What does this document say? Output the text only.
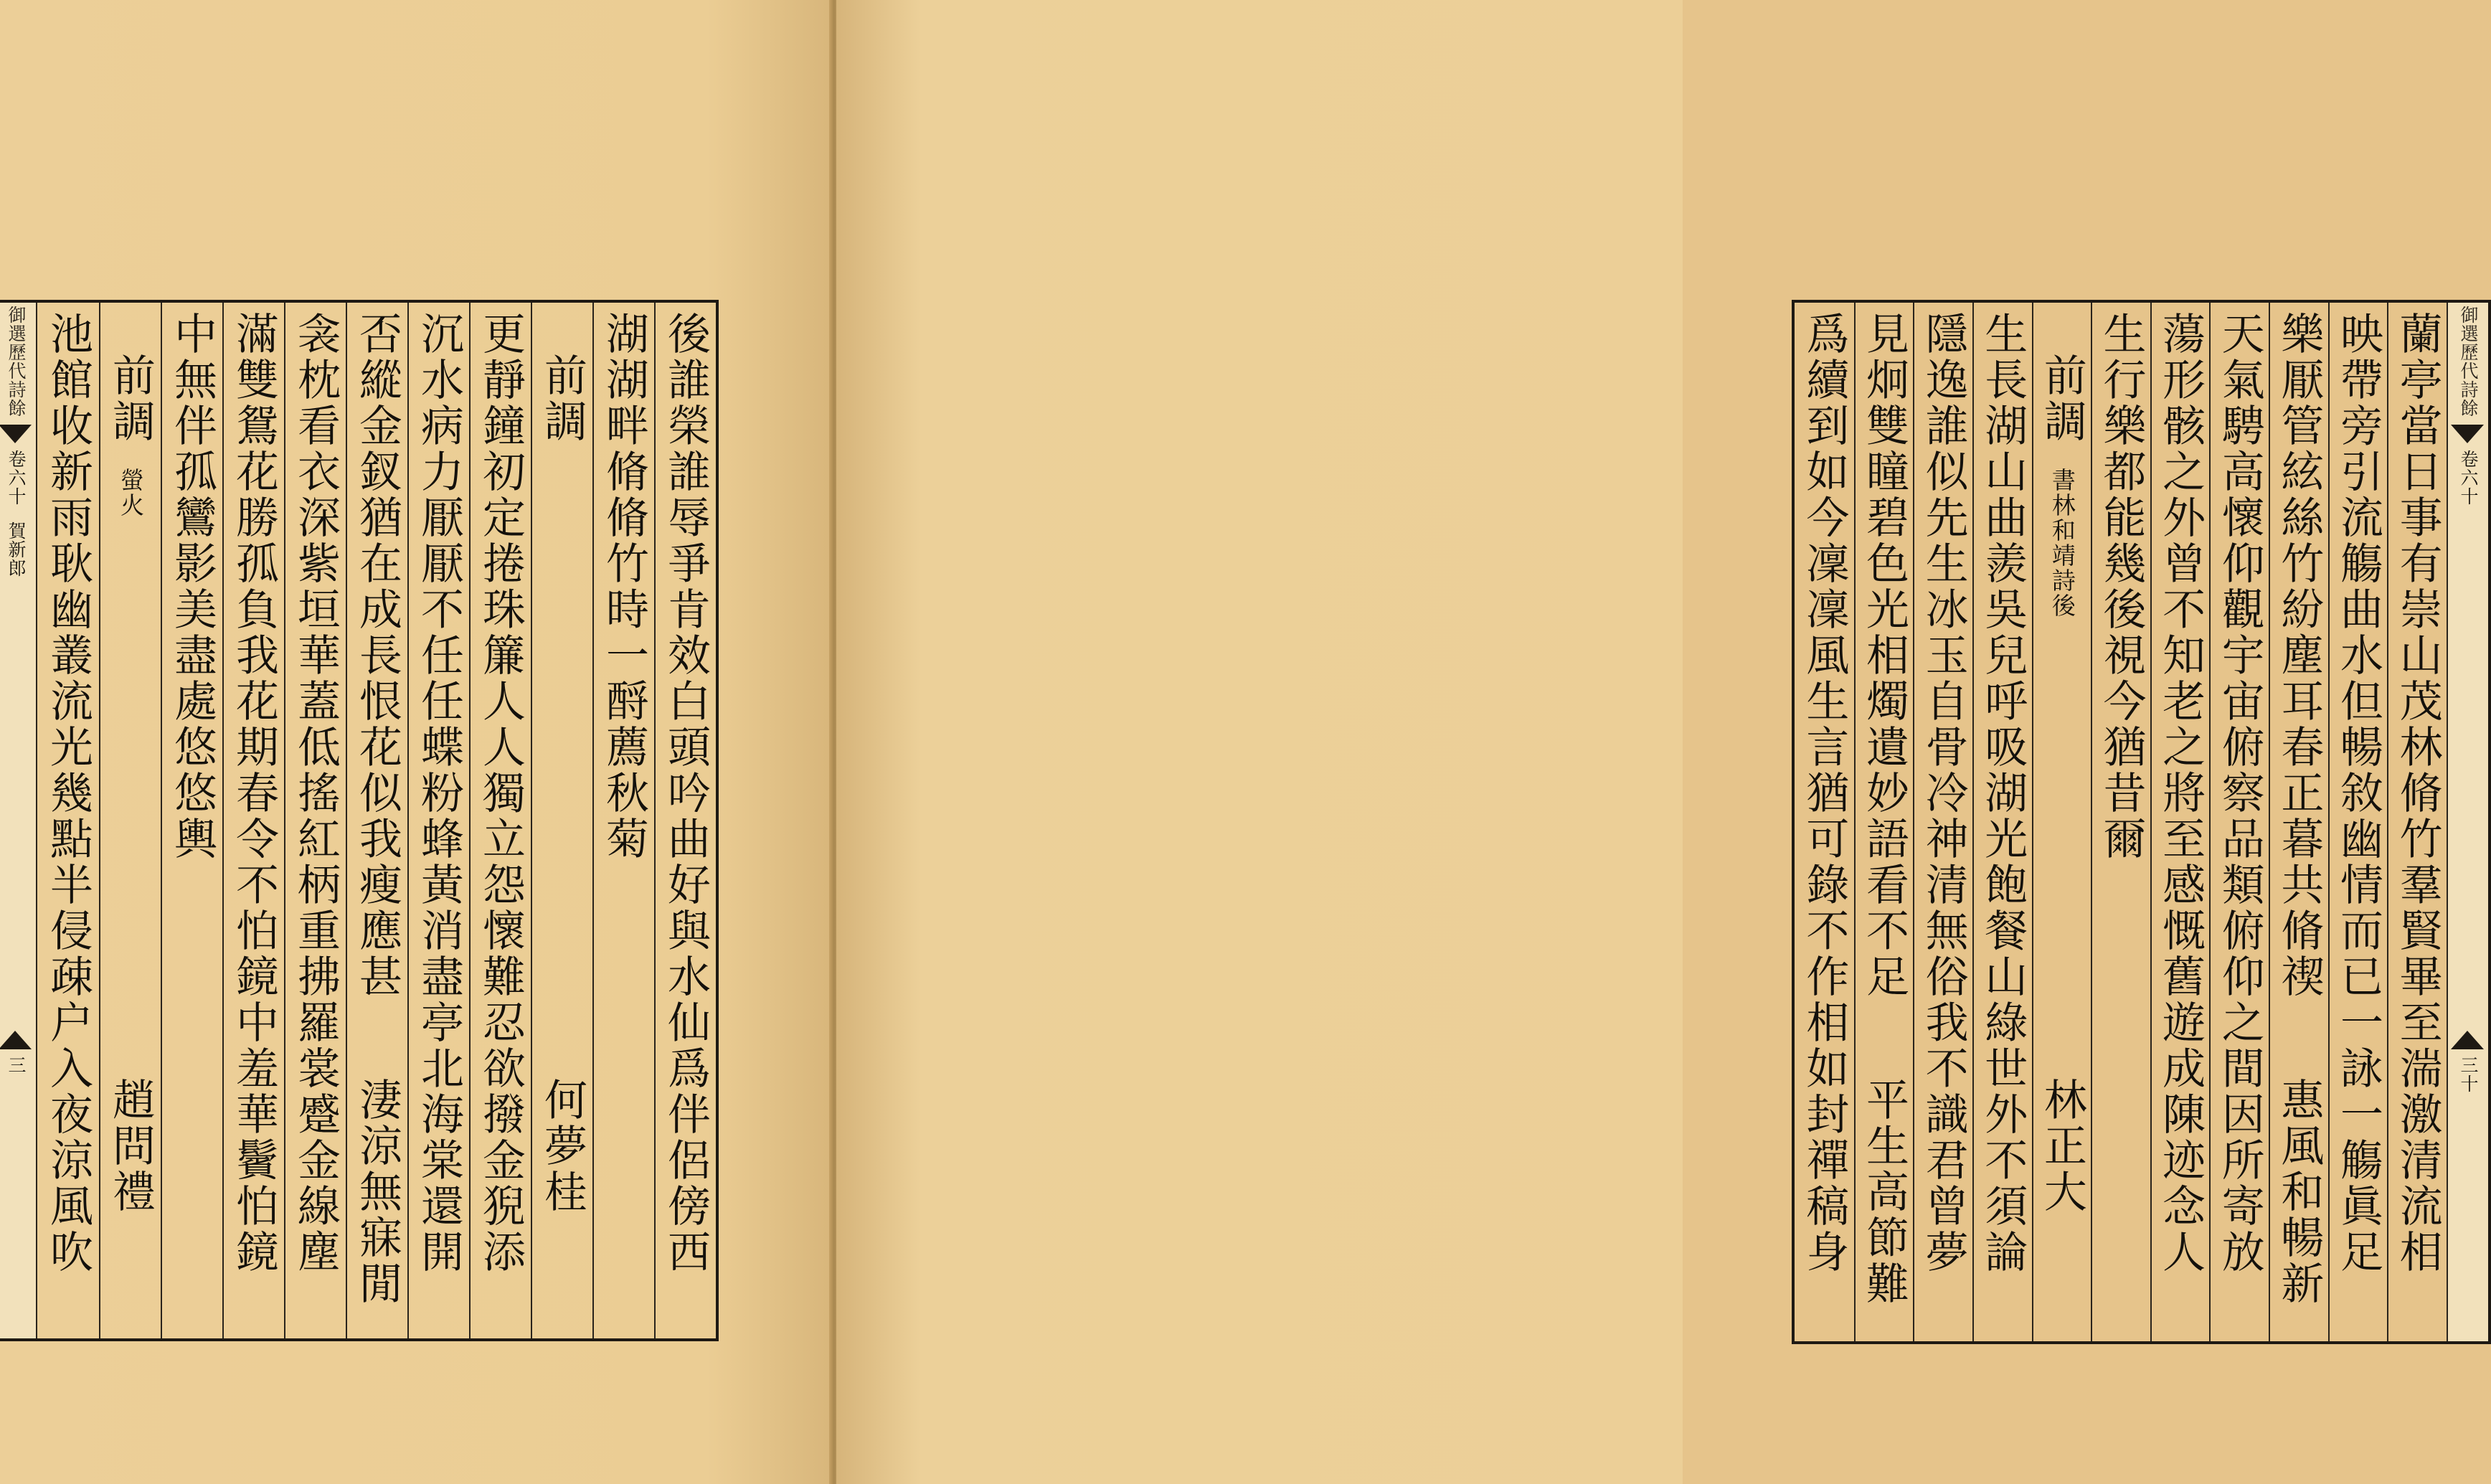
御選歷代詩餘
卷六十
賀新郎
三	後誰榮誰辱爭肯效白頭吟曲好與水仙爲伴侶傍西
湖湖畔脩脩竹時一酹薦秋菊
前調
何夢桂
更靜鐘初定捲珠簾人人獨立怨懷難忍欲撥金猊添
沉水病力厭厭不任任蝶粉蜂黃消盡亭北海棠還開
否縱金釵猶在成長恨花似我瘦應甚
淒涼無寐閒
衾枕看衣深紫垣華蓋低搖紅柄重拂羅裳蹙金線塵
滿雙鴛花勝孤負我花期春令不怕鏡中羞華鬢怕鏡
中無伴孤鸞影美盡處悠悠輿
前調
螢火
趙問禮
池館收新雨耿幽叢流光幾點半侵疎户入夜涼風吹	御選歷代詩餘
卷六十
三十
蘭亭當日事有崇山茂林脩竹羣賢畢至湍激清流相
映帶旁引流觴曲水但暢敘幽情而已一詠一觴眞足
樂厭管絃絲竹紛塵耳春正暮共脩禊
惠風和暢新
天氣騁高懷仰觀宇宙俯察品類俯仰之間因所寄放
蕩形骸之外曾不知老之將至感慨舊遊成陳迹念人
生行樂都能幾後視今猶昔爾
前調
書林和靖詩後
林正大
生長湖山曲羨吳兒呼吸湖光飽餐山綠世外不須論
隱逸誰似先生冰玉自骨冷神清無俗我不識君曾夢
見炯雙瞳碧色光相燭遺妙語看不足
平生高節難
爲續到如今凜凜風生言猶可錄不作相如封禪稿身
